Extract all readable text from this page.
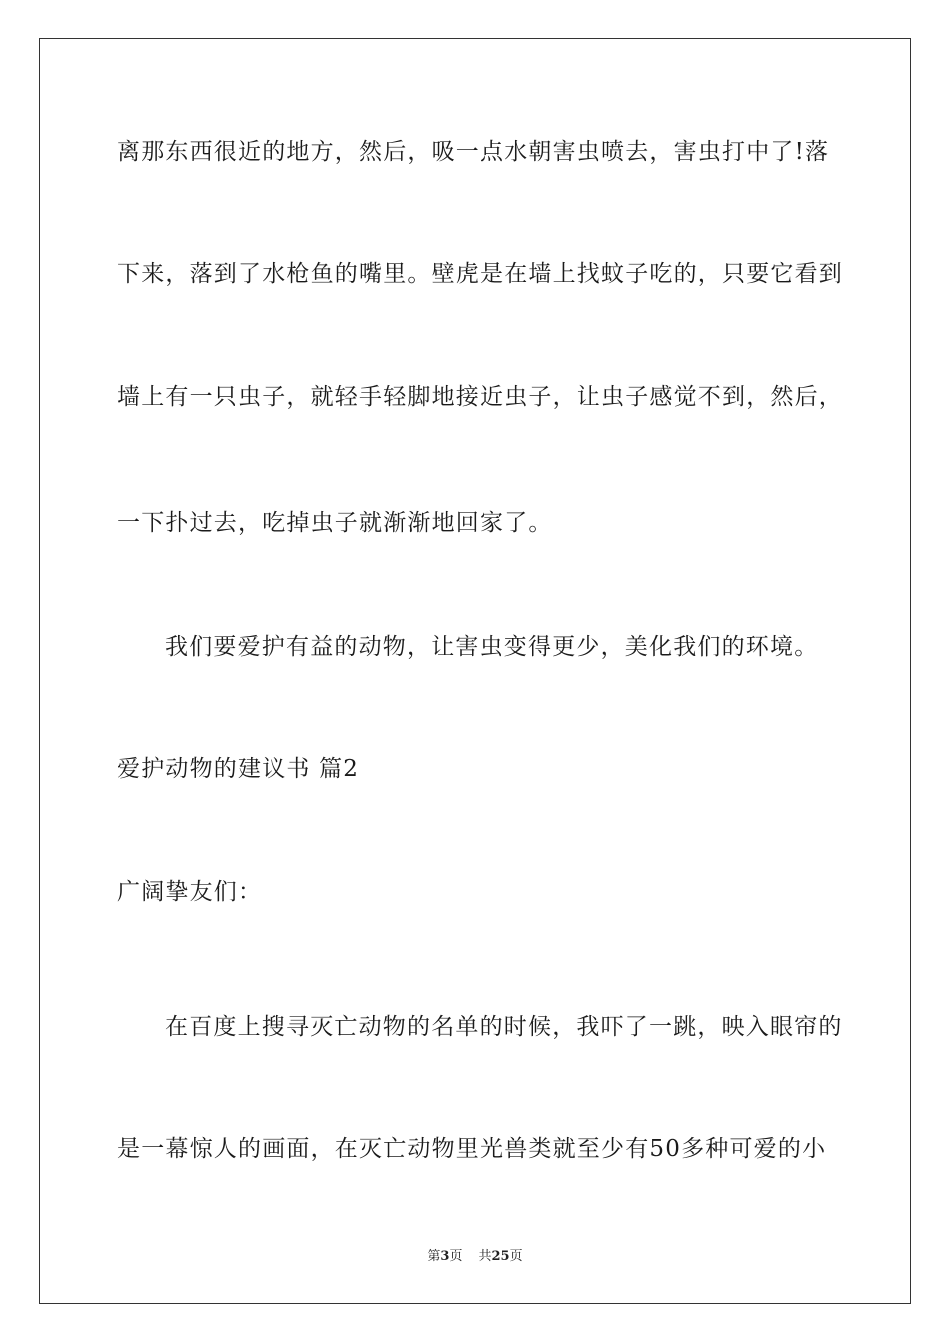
离那东西很近的地方，然后，吸一点水朝害虫喷去，害虫打中了!落
下来，落到了水枪鱼的嘴里。壁虎是在墙上找蚊子吃的，只要它看到
墙上有一只虫子，就轻手轻脚地接近虫子，让虫子感觉不到，然后，
一下扑过去，吃掉虫子就渐渐地回家了。
我们要爱护有益的动物，让害虫变得更少，美化我们的环境。
爱护动物的建议书 篇2
广阔挚友们：
在百度上搜寻灭亡动物的名单的时候，我吓了一跳，映入眼帘的
是一幕惊人的画面，在灭亡动物里光兽类就至少有50多种可爱的小
第3页 共25页
